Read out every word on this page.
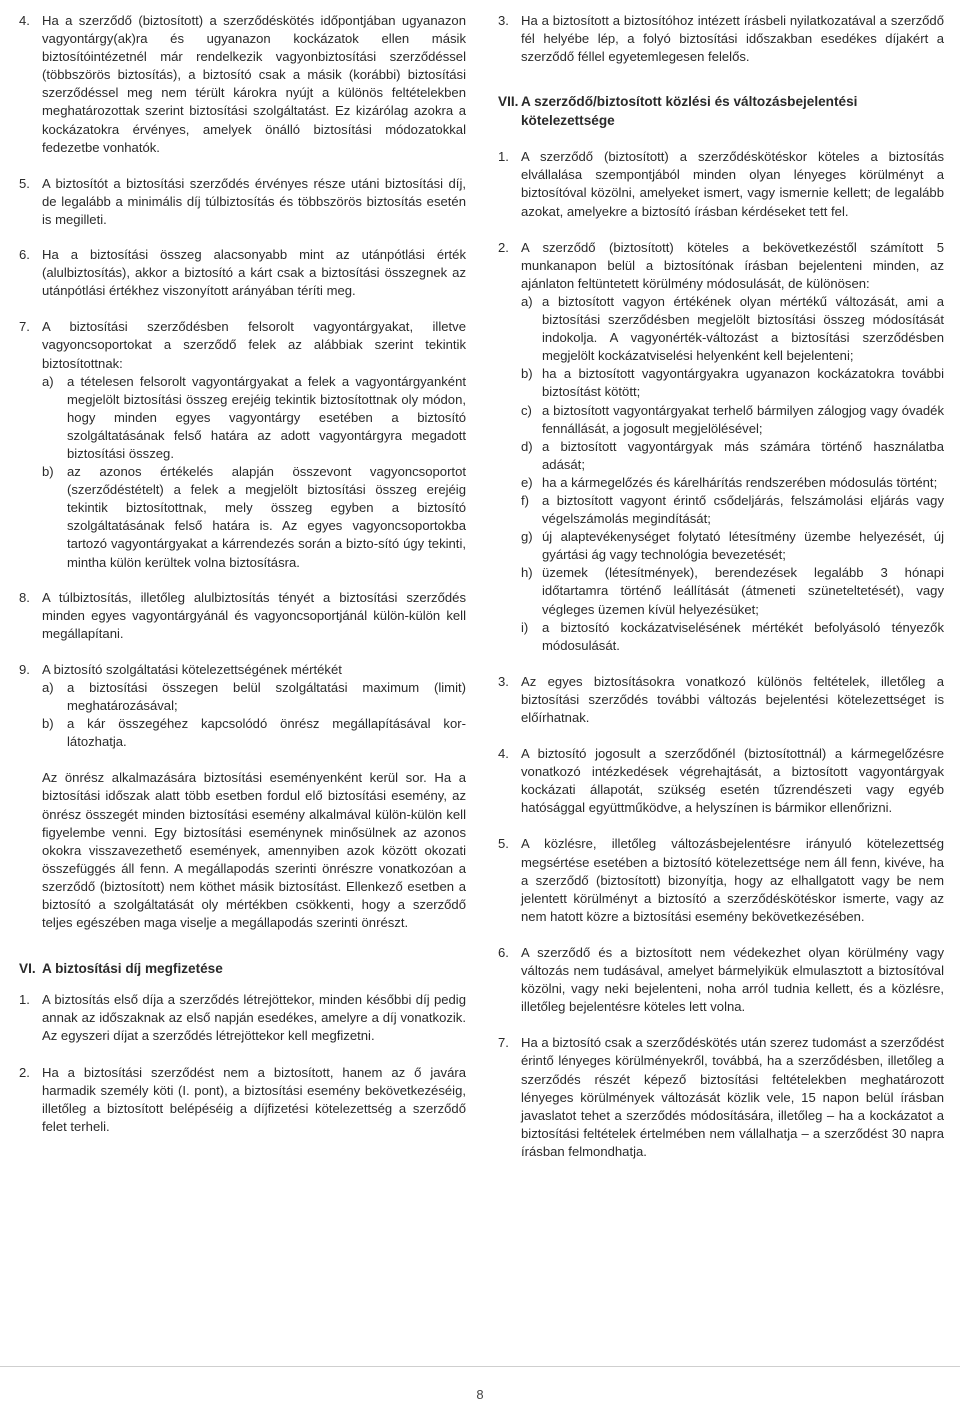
4. Ha a szerződő (biztosított) a szerződéskötés időpontjában ugyanazon vagyontárgy(ak)ra és ugyanazon kockázatok ellen másik biztosítóintézetnél már rendelkezik vagyonbiztosítási szerződéssel (többszörös biztosítás), a biztosító csak a másik (korábbi) biztosítási szerződéssel meg nem térült károkra nyújt a különös feltételekben meghatározottak szerint biztosítási szolgáltatást. Ez kizárólag azokra a kockázatokra érvényes, amelyek önálló biztosítási módozatokkal fedezetbe vonhatók.
5. A biztosítót a biztosítási szerződés érvényes része utáni biztosítási díj, de legalább a minimális díj túlbiztosítás és többszörös biztosítás esetén is megilleti.
6. Ha a biztosítási összeg alacsonyabb mint az utánpótlási érték (alulbiztosítás), akkor a biztosító a kárt csak a biztosítási összegnek az utánpótlási értékhez viszonyított arányában téríti meg.
7. A biztosítási szerződésben felsorolt vagyontárgyakat, illetve vagyoncsoportokat a szerződő felek az alábbiak szerint tekintik biztosítottnak:
a)	a tételesen felsorolt vagyontárgyakat a felek a vagyontárgyanként megjelölt biztosítási összeg erejéig tekintik biztosítottnak oly módon, hogy minden egyes vagyontárgy esetében a biztosító szolgáltatásának felső határa az adott vagyontárgyra megadott biztosítási összeg.
b)	az azonos értékelés alapján összevont vagyoncsoportot (szerződéstételt) a felek a megjelölt biztosítási összeg erejéig tekintik biztosítottnak, mely összeg egyben a biztosító szolgáltatásának felső határa is. Az egyes vagyoncsoportokba tartozó vagyontárgyakat a kárrendezés során a bizto-sító úgy tekinti, mintha külön kerültek volna biztosításra.
8. A túlbiztosítás, illetőleg alulbiztosítás tényét a biztosítási szerződés minden egyes vagyontárgyánál és vagyoncsoportjánál külön-külön kell megállapítani.
9. A biztosító szolgáltatási kötelezettségének mértékét
a)	a biztosítási összegen belül szolgáltatási maximum (limit) meghatározásával;
b)	a kár összegéhez kapcsolódó önrész megállapításával kor-látozhatja.
Az önrész alkalmazására biztosítási eseményenként kerül sor. Ha a biztosítási időszak alatt több esetben fordul elő biztosítási esemény, az önrész összegét minden biztosítási esemény alkalmával külön-külön kell figyelembe venni. Egy biztosítási eseménynek minősülnek az azonos okokra visszavezethető események, amennyiben azok között okozati összefüggés áll fenn. A megállapodás szerinti önrészre vonatkozóan a szerződő (biztosított) nem köthet másik biztosítást. Ellenkező esetben a biztosító a szolgáltatását oly mértékben csökkenti, hogy a szerződő teljes egészében maga viselje a megállapodás szerinti önrészt.
VI. A biztosítási díj megfizetése
1. A biztosítás első díja a szerződés létrejöttekor, minden későbbi díj pedig annak az időszaknak az első napján esedékes, amelyre a díj vonatkozik. Az egyszeri díjat a szerződés létrejöttekor kell megfizetni.
2. Ha a biztosítási szerződést nem a biztosított, hanem az ő javára harmadik személy köti (I. pont), a biztosítási esemény bekövetkezéséig, illetőleg a biztosított belépéséig a díjfizetési kötelezettség a szerződő felet terheli.
3. Ha a biztosított a biztosítóhoz intézett írásbeli nyilatkozatával a szerződő fél helyébe lép, a folyó biztosítási időszakban esedékes díjakért a szerződő féllel egyetemlegesen felelős.
VII. A szerződő/biztosított közlési és változásbejelentési kötelezettsége
1. A szerződő (biztosított) a szerződéskötéskor köteles a biztosítás elvállalása szempontjából minden olyan lényeges körülményt a biztosítóval közölni, amelyeket ismert, vagy ismernie kellett; de legalább azokat, amelyekre a biztosító írásban kérdéseket tett fel.
2. A szerződő (biztosított) köteles a bekövetkezéstől számított 5 munkanapon belül a biztosítónak írásban bejelenteni minden, az ajánlaton feltüntetett körülmény módosulását, de különösen:
a) a biztosított vagyon értékének olyan mértékű változását, ami a biztosítási szerződésben megjelölt biztosítási összeg módosítását indokolja. A vagyonérték-változást a biztosítási szerződésben megjelölt kockázatviselési helyenként kell bejelenteni;
b) ha a biztosított vagyontárgyakra ugyanazon kockázatokra további biztosítást kötött;
c) a biztosított vagyontárgyakat terhelő bármilyen zálogjog vagy óvadék fennállását, a jogosult megjelölésével;
d) a biztosított vagyontárgyak más számára történő használatba adását;
e) ha a kármegelőzés és kárelhárítás rendszerében módosulás történt;
f) a biztosított vagyont érintő csődeljárás, felszámolási eljárás vagy végelszámolás megindítását;
g) új alaptevékenységet folytató létesítmény üzembe helyezését, új gyártási ág vagy technológia bevezetését;
h) üzemek (létesítmények), berendezések legalább 3 hónapi időtartamra történő leállítását (átmeneti szüneteltetését), vagy végleges üzemen kívül helyezésüket;
i)	a biztosító kockázatviselésének mértékét befolyásoló tényezők módosulását.
3. Az egyes biztosításokra vonatkozó különös feltételek, illetőleg a biztosítási szerződés további változás bejelentési kötelezettséget is előírhatnak.
4. A biztosító jogosult a szerződőnél (biztosítottnál) a kármegelőzésre vonatkozó intézkedések végrehajtását, a biztosított vagyontárgyak kockázati állapotát, szükség esetén tűzrendészeti vagy egyéb hatósággal együttműködve, a helyszínen is bármikor ellenőrizni.
5. A közlésre, illetőleg változásbejelentésre irányuló kötelezettség megsértése esetében a biztosító kötelezettsége nem áll fenn, kivéve, ha a szerződő (biztosított) bizonyítja, hogy az elhallgatott vagy be nem jelentett körülményt a biztosító a szerződéskötéskor ismerte, vagy az nem hatott közre a biztosítási esemény bekövetkezésében.
6. A szerződő és a biztosított nem védekezhet olyan körülmény vagy változás nem tudásával, amelyet bármelyikük elmulasztott a biztosítóval közölni, vagy neki bejelenteni, noha arról tudnia kellett, és a közlésre, illetőleg bejelentésre köteles lett volna.
7. Ha a biztosító csak a szerződéskötés után szerez tudomást a szerződést érintő lényeges körülményekről, továbbá, ha a szerződésben, illetőleg a szerződés részét képező biztosítási feltételekben meghatározott lényeges körülmények változását közlik vele, 15 napon belül írásban javaslatot tehet a szerződés módosítására, illetőleg – ha a kockázatot a biztosítási feltételek értelmében nem vállalhatja – a szerződést 30 napra írásban felmondhatja.
8
